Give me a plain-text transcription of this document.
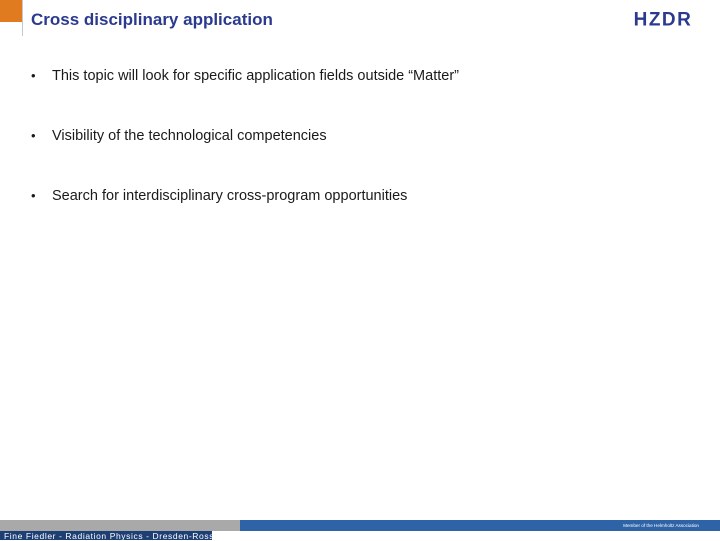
Cross disciplinary application	HZDR
• This topic will look for specific application fields outside “Matter”
• Visibility of the technological competencies
• Search for interdisciplinary cross-program opportunities
Fine Fiedler - Radiation Physics - Dresden-Rossendorf
Member of the Helmholtz Association
